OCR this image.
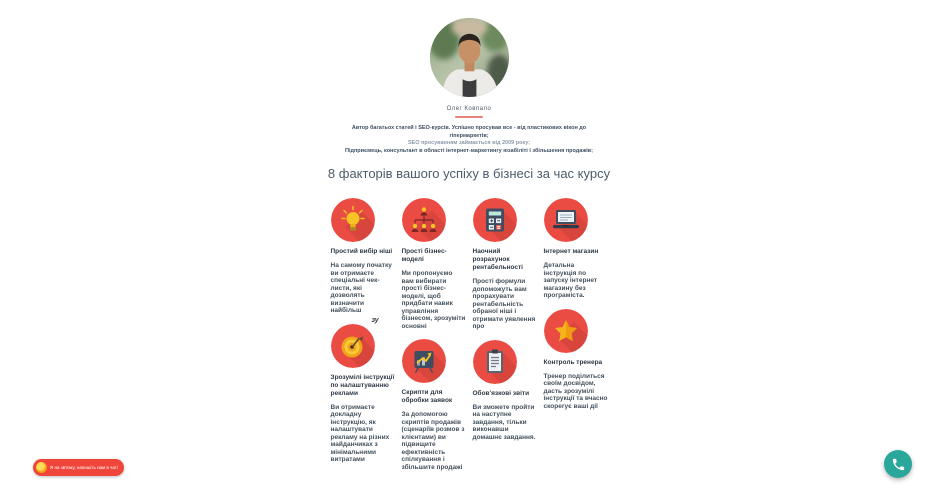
Олег Ковпало
Автор багатьох статей і SEO-курсів. Успішно просував все - від пластикових вікон до гіпермаркетів;
SEO просуванням займається від 2009 року;
Підприємець, консультант в області інтернет-маркетингу юзабіліті і збільшення продажів;
8 факторів вашого успіху в бізнесі за час курсу
Простий вибір ніші
На самому початку ви отримаєте спеціальні чек-листи, які дозволять визначити найбільш
зу
Зрозумілі інструкції по налаштуванню реклами
Ви отримаєте докладну інструкцію, як налаштувати рекламу на різних майданчиках з мінімальними витратами
Прості бізнес-моделі
Ми пропонуємо вам вибирати прості бізнес-моделі, щоб придбати навик управління бізнесом, зрозуміти основні
Скрипти для обробки заявок
За допомогою скриптів продажів (сценаріїв розмов з клієнтами) ви підвищите ефективність спілкування і збільшите продажі
Наочний розрахунок рентабельності
Прості формули допоможуть вам прорахувати рентабельність обраної ніші і отримати уявлення про
Обов'язкові звіти
Ви зможете пройти на наступне завдання, тільки виконавши домашнє завдання.
Інтернет магазин
Детальна інструкція по запуску інтернет магазину без програміста.
Контроль тренера
Тренер поділиться своїм досвідом, дасть зрозумілі інструкції та вчасно скорегує ваші дії
Я на зв'язку, напишіть нам в чаті
